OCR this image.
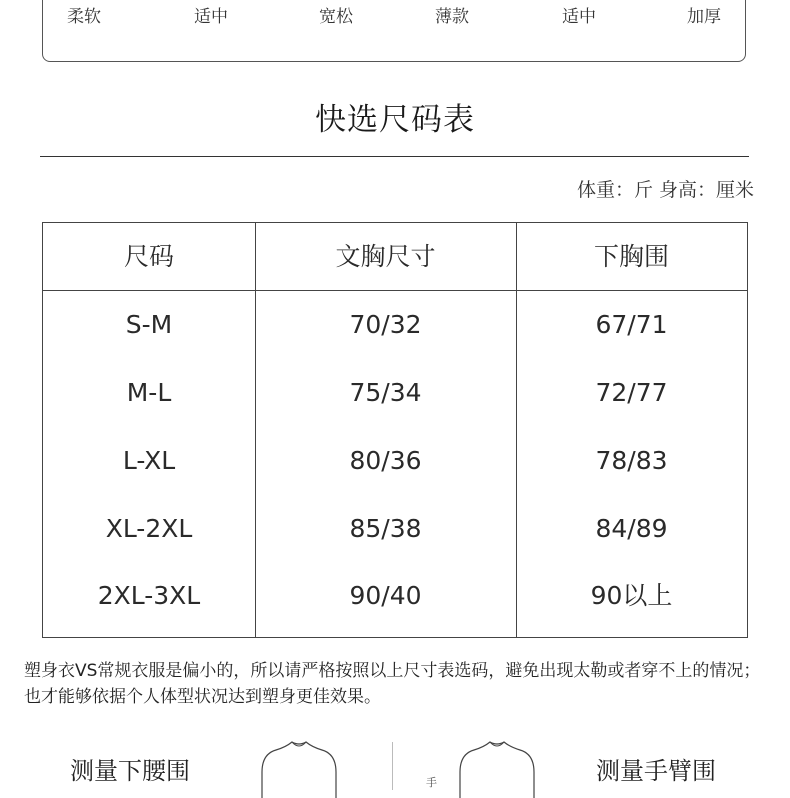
柔软	适中	宽松	薄款	适中	加厚
快选尺码表
体重：斤 身高：厘米
尺码	文胸尺寸	下胸围
S-M	70/32	67/71
M-L	75/34	72/77
L-XL	80/36	78/83
XL-2XL	85/38	84/89
2XL-3XL	90/40	90以上
塑身衣VS常规衣服是偏小的，所以请严格按照以上尺寸表选码，避免出现太勒或者穿不上的情况；也才能够依据个人体型状况达到塑身更佳效果。
测量下腰围	手	测量手臂围
